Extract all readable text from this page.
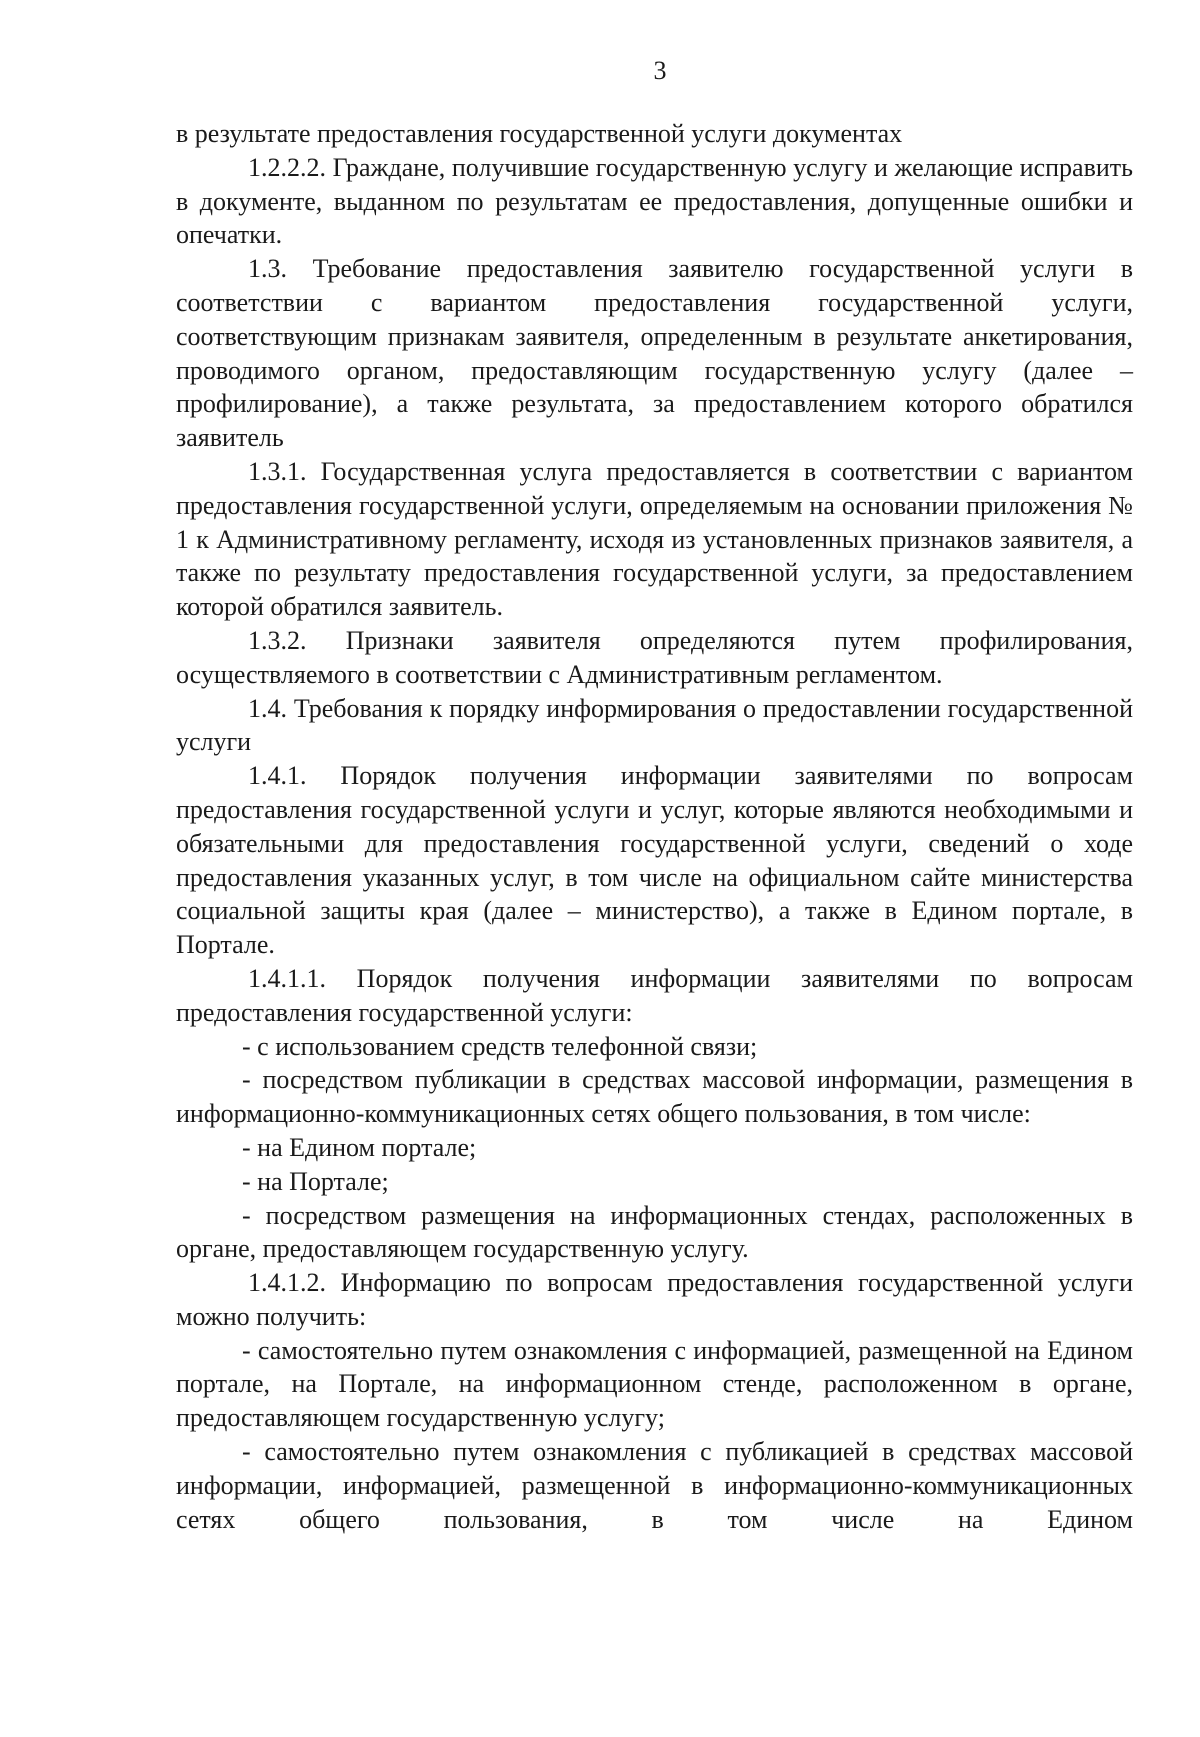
3

в результате предоставления государственной услуги документах

1.2.2.2. Граждане, получившие государственную услугу и желающие исправить в документе, выданном по результатам ее предоставления, допущенные ошибки и опечатки.

1.3. Требование предоставления заявителю государственной услуги в соответствии с вариантом предоставления государственной услуги, соответствующим признакам заявителя, определенным в результате анкетирования, проводимого органом, предоставляющим государственную услугу (далее – профилирование), а также результата, за предоставлением которого обратился заявитель

1.3.1. Государственная услуга предоставляется в соответствии с вариантом предоставления государственной услуги, определяемым на основании приложения № 1 к Административному регламенту, исходя из установленных признаков заявителя, а также по результату предоставления государственной услуги, за предоставлением которой обратился заявитель.

1.3.2. Признаки заявителя определяются путем профилирования, осуществляемого в соответствии с Административным регламентом.

1.4. Требования к порядку информирования о предоставлении государственной услуги

1.4.1. Порядок получения информации заявителями по вопросам предоставления государственной услуги и услуг, которые являются необходимыми и обязательными для предоставления государственной услуги, сведений о ходе предоставления указанных услуг, в том числе на официальном сайте министерства социальной защиты края (далее – министерство), а также в Едином портале, в Портале.

1.4.1.1. Порядок получения информации заявителями по вопросам предоставления государственной услуги:

- с использованием средств телефонной связи;

- посредством публикации в средствах массовой информации, размещения в информационно-коммуникационных сетях общего пользования, в том числе:

- на Едином портале;

- на Портале;

- посредством размещения на информационных стендах, расположенных в органе, предоставляющем государственную услугу.

1.4.1.2. Информацию по вопросам предоставления государственной услуги можно получить:

- самостоятельно путем ознакомления с информацией, размещенной на Едином портале, на Портале, на информационном стенде, расположенном в органе, предоставляющем государственную услугу;

- самостоятельно путем ознакомления с публикацией в средствах массовой информации, информацией, размещенной в информационно-коммуникационных сетях общего пользования, в том числе на Едином
